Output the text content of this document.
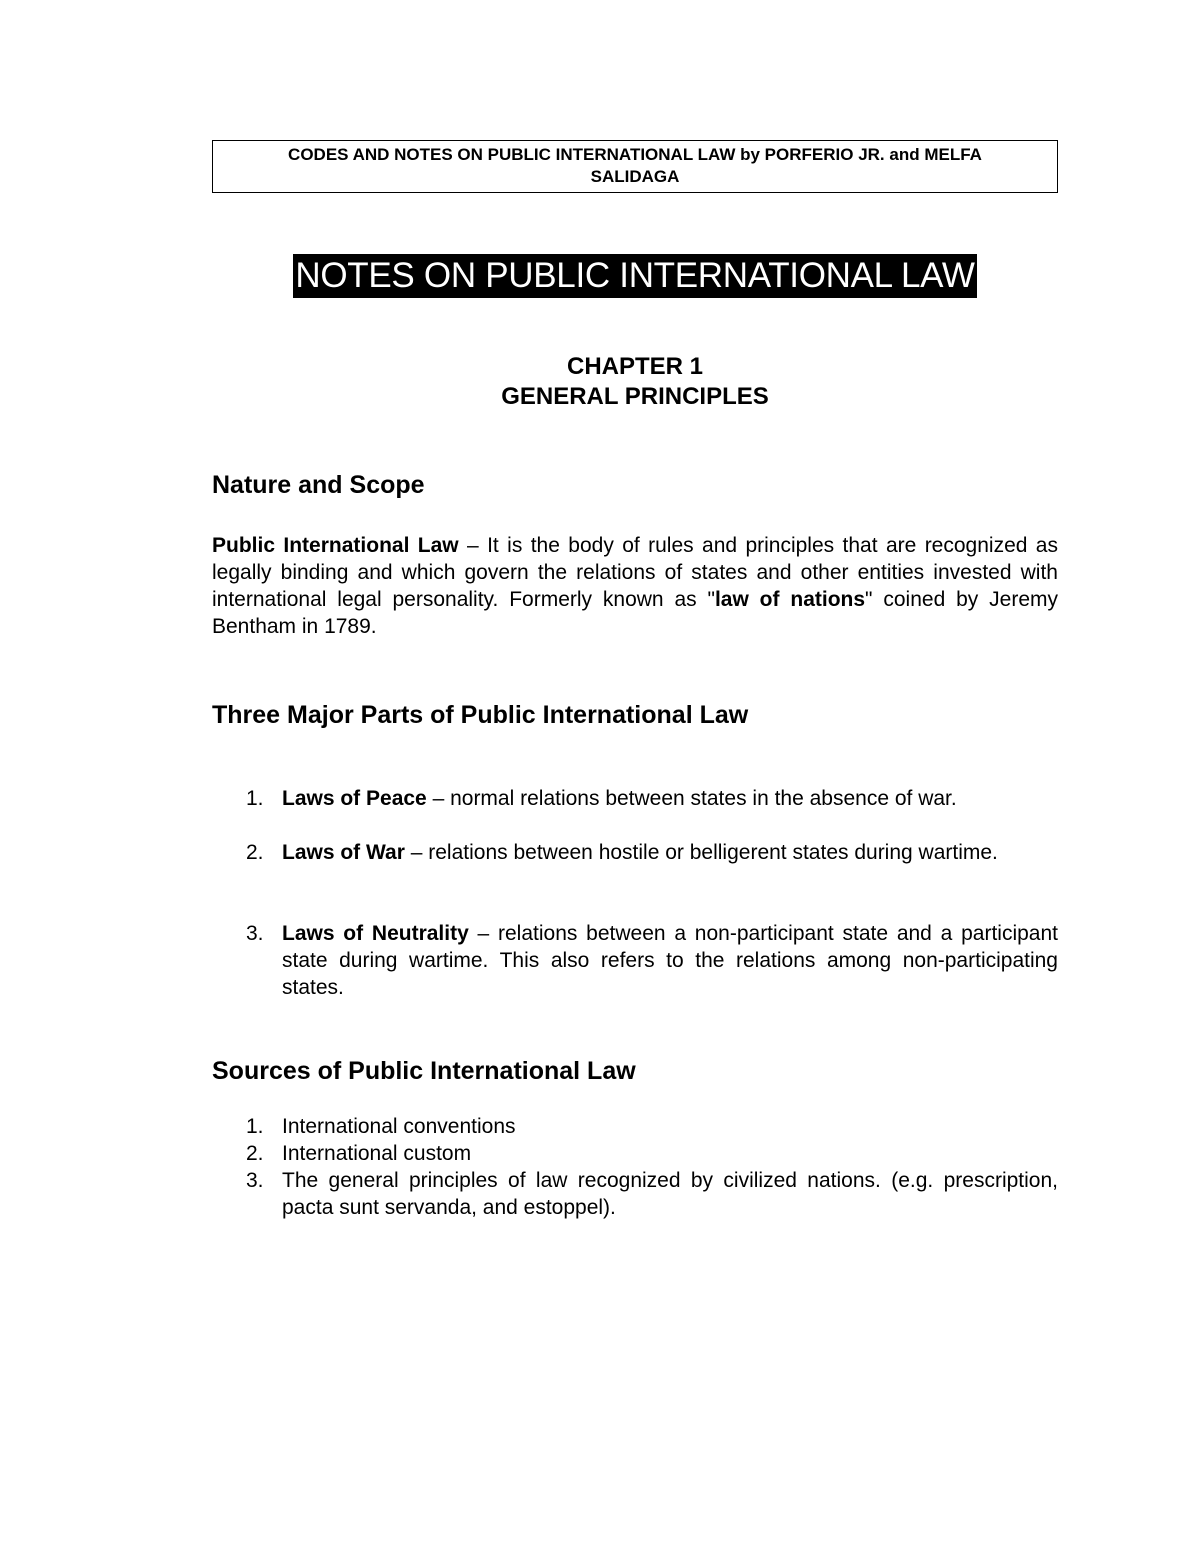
CODES AND NOTES ON PUBLIC INTERNATIONAL LAW by PORFERIO JR. and MELFA
SALIDAGA
NOTES ON PUBLIC INTERNATIONAL LAW
CHAPTER 1
GENERAL PRINCIPLES
Nature and Scope
Public International Law – It is the body of rules and principles that are recognized as legally binding and which govern the relations of states and other entities invested with international legal personality. Formerly known as "law of nations" coined by Jeremy Bentham in 1789.
Three Major Parts of Public International Law
1. Laws of Peace – normal relations between states in the absence of war.
2. Laws of War – relations between hostile or belligerent states during wartime.
3. Laws of Neutrality – relations between a non-participant state and a participant state during wartime. This also refers to the relations among non-participating states.
Sources of Public International Law
1. International conventions
2. International custom
3. The general principles of law recognized by civilized nations. (e.g. prescription, pacta sunt servanda, and estoppel).
